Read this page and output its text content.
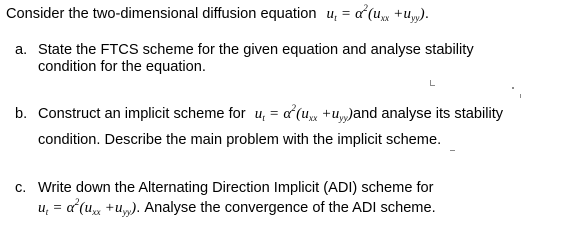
Consider the two-dimensional diffusion equation $u_t = \alpha^2(u_{xx} +u_{yy})$.
a. State the FTCS scheme for the given equation and analyse stability
condition for the equation.
b. Construct an implicit scheme for $u_t = \alpha^2(u_{xx} +u_{yy})and$ analyse its stability
condition. Describe the main problem with the implicit scheme.
c. Write down the Alternating Direction Implicit (ADI) scheme for
$u_t = \alpha^2(u_{xx} +u_{yy})$. Analyse the convergence of the ADI scheme.
